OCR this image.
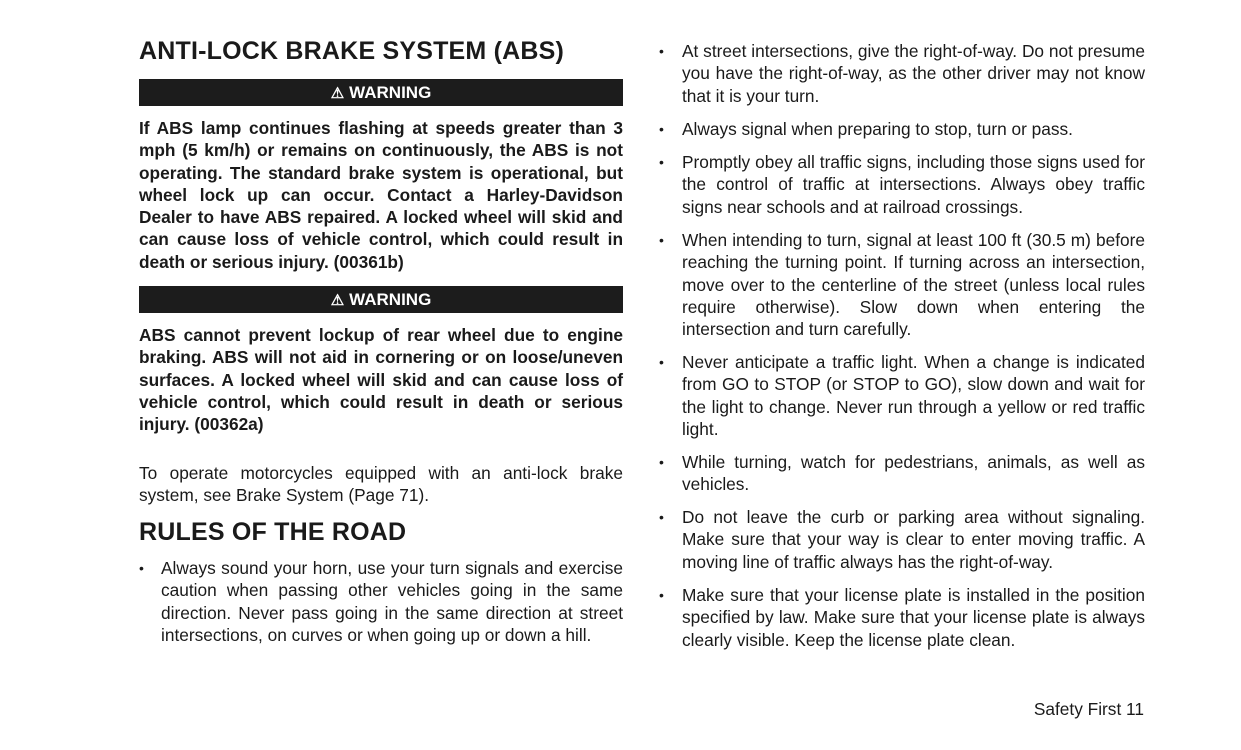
ANTI-LOCK BRAKE SYSTEM (ABS)
⚠ WARNING

If ABS lamp continues flashing at speeds greater than 3 mph (5 km/h) or remains on continuously, the ABS is not operating. The standard brake system is operational, but wheel lock up can occur. Contact a Harley-Davidson Dealer to have ABS repaired. A locked wheel will skid and can cause loss of vehicle control, which could result in death or serious injury. (00361b)

⚠ WARNING

ABS cannot prevent lockup of rear wheel due to engine braking. ABS will not aid in cornering or on loose/uneven surfaces. A locked wheel will skid and can cause loss of vehicle control, which could result in death or serious injury. (00362a)

To operate motorcycles equipped with an anti-lock brake system, see Brake System (Page 71).

RULES OF THE ROAD
• Always sound your horn, use your turn signals and exercise caution when passing other vehicles going in the same direction. Never pass going in the same direction at street intersections, on curves or when going up or down a hill.
•	At street intersections, give the right-of-way. Do not presume you have the right-of-way, as the other driver may not know that it is your turn.
•	Always signal when preparing to stop, turn or pass.
•	Promptly obey all traffic signs, including those signs used for the control of traffic at intersections. Always obey traffic signs near schools and at railroad crossings.
•	When intending to turn, signal at least 100 ft (30.5 m) before reaching the turning point. If turning across an intersection, move over to the centerline of the street (unless local rules require otherwise). Slow down when entering the intersection and turn carefully.
•	Never anticipate a traffic light. When a change is indicated from GO to STOP (or STOP to GO), slow down and wait for the light to change. Never run through a yellow or red traffic light.
•	While turning, watch for pedestrians, animals, as well as vehicles.
•	Do not leave the curb or parking area without signaling. Make sure that your way is clear to enter moving traffic. A moving line of traffic always has the right-of-way.
•	Make sure that your license plate is installed in the position specified by law. Make sure that your license plate is always clearly visible. Keep the license plate clean.
Safety First 11
